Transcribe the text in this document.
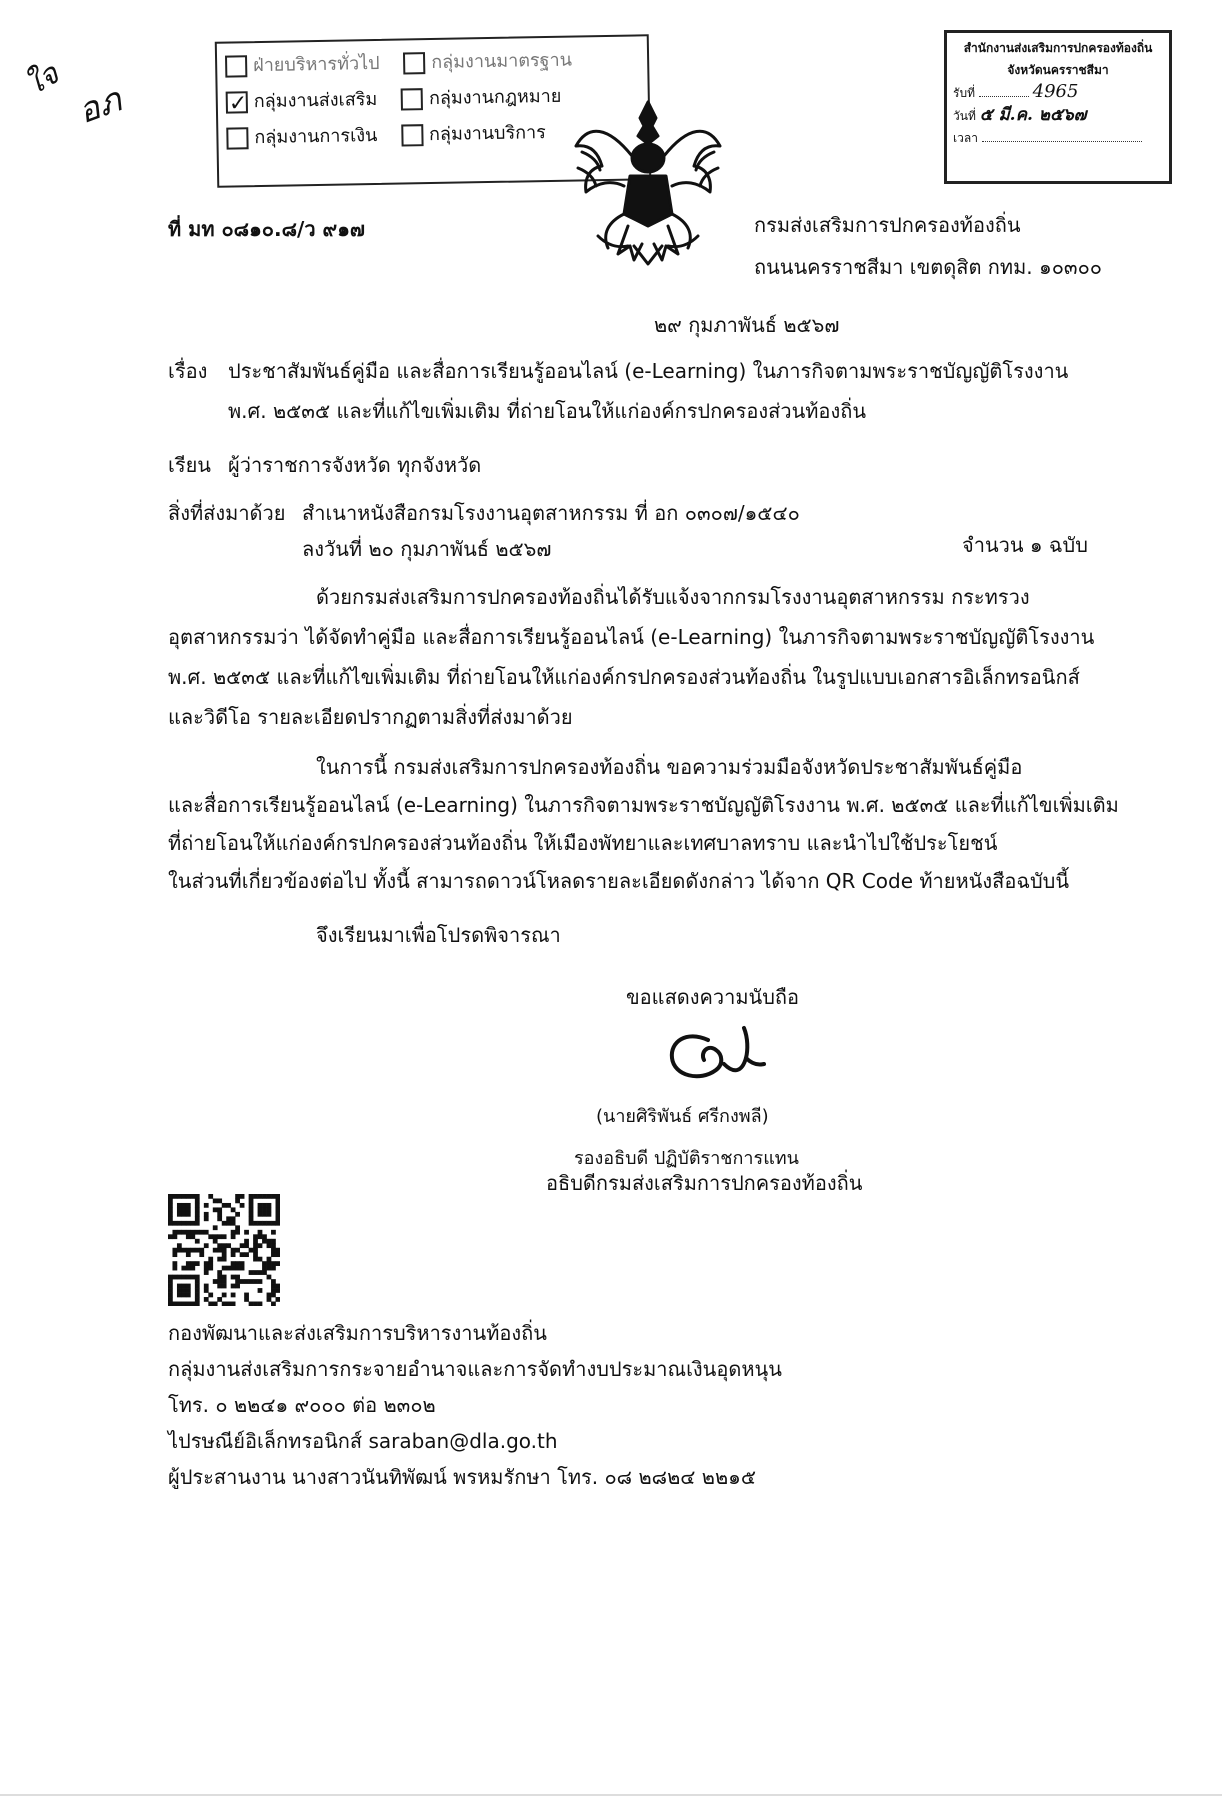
ใจ
อภ
ฝ่ายบริหารทั่วไป	กลุ่มงานมาตรฐาน
✓กลุ่มงานส่งเสริม	กลุ่มงานกฎหมาย
กลุ่มงานการเงิน	กลุ่มงานบริการ
สำนักงานส่งเสริมการปกครองท้องถิ่น
จังหวัดนครราชสีมา
รับที่	4965
วันที่ ๕ มี.ค. ๒๕๖๗
เวลา
ที่ มท ๐๘๑๐.๘/ว ๙๑๗	กรมส่งเสริมการปกครองท้องถิ่น
ถนนนครราชสีมา เขตดุสิต กทม. ๑๐๓๐๐
๒๙ กุมภาพันธ์ ๒๕๖๗
เรื่อง ประชาสัมพันธ์คู่มือ และสื่อการเรียนรู้ออนไลน์ (e-Learning) ในภารกิจตามพระราชบัญญัติโรงงาน
พ.ศ. ๒๕๓๕ และที่แก้ไขเพิ่มเติม ที่ถ่ายโอนให้แก่องค์กรปกครองส่วนท้องถิ่น
เรียน ผู้ว่าราชการจังหวัด ทุกจังหวัด
สิ่งที่ส่งมาด้วย สำเนาหนังสือกรมโรงงานอุตสาหกรรม ที่ อก ๐๓๐๗/๑๕๔๐
ลงวันที่ ๒๐ กุมภาพันธ์ ๒๕๖๗	จำนวน ๑ ฉบับ
ด้วยกรมส่งเสริมการปกครองท้องถิ่นได้รับแจ้งจากกรมโรงงานอุตสาหกรรม กระทรวง
อุตสาหกรรมว่า ได้จัดทำคู่มือ และสื่อการเรียนรู้ออนไลน์ (e-Learning) ในภารกิจตามพระราชบัญญัติโรงงาน
พ.ศ. ๒๕๓๕ และที่แก้ไขเพิ่มเติม ที่ถ่ายโอนให้แก่องค์กรปกครองส่วนท้องถิ่น ในรูปแบบเอกสารอิเล็กทรอนิกส์
และวิดีโอ รายละเอียดปรากฏตามสิ่งที่ส่งมาด้วย
ในการนี้ กรมส่งเสริมการปกครองท้องถิ่น ขอความร่วมมือจังหวัดประชาสัมพันธ์คู่มือ
และสื่อการเรียนรู้ออนไลน์ (e-Learning) ในภารกิจตามพระราชบัญญัติโรงงาน พ.ศ. ๒๕๓๕ และที่แก้ไขเพิ่มเติม
ที่ถ่ายโอนให้แก่องค์กรปกครองส่วนท้องถิ่น ให้เมืองพัทยาและเทศบาลทราบ และนำไปใช้ประโยชน์
ในส่วนที่เกี่ยวข้องต่อไป ทั้งนี้ สามารถดาวน์โหลดรายละเอียดดังกล่าว ได้จาก QR Code ท้ายหนังสือฉบับนี้
จึงเรียนมาเพื่อโปรดพิจารณา
ขอแสดงความนับถือ
(นายศิริพันธ์ ศรีกงพลี)
รองอธิบดี ปฏิบัติราชการแทน
อธิบดีกรมส่งเสริมการปกครองท้องถิ่น
กองพัฒนาและส่งเสริมการบริหารงานท้องถิ่น
กลุ่มงานส่งเสริมการกระจายอำนาจและการจัดทำงบประมาณเงินอุดหนุน
โทร. ๐ ๒๒๔๑ ๙๐๐๐ ต่อ ๒๓๐๒
ไปรษณีย์อิเล็กทรอนิกส์ saraban@dla.go.th
ผู้ประสานงาน นางสาวนันทิพัฒน์ พรหมรักษา โทร. ๐๘ ๒๘๒๔ ๒๒๑๕
